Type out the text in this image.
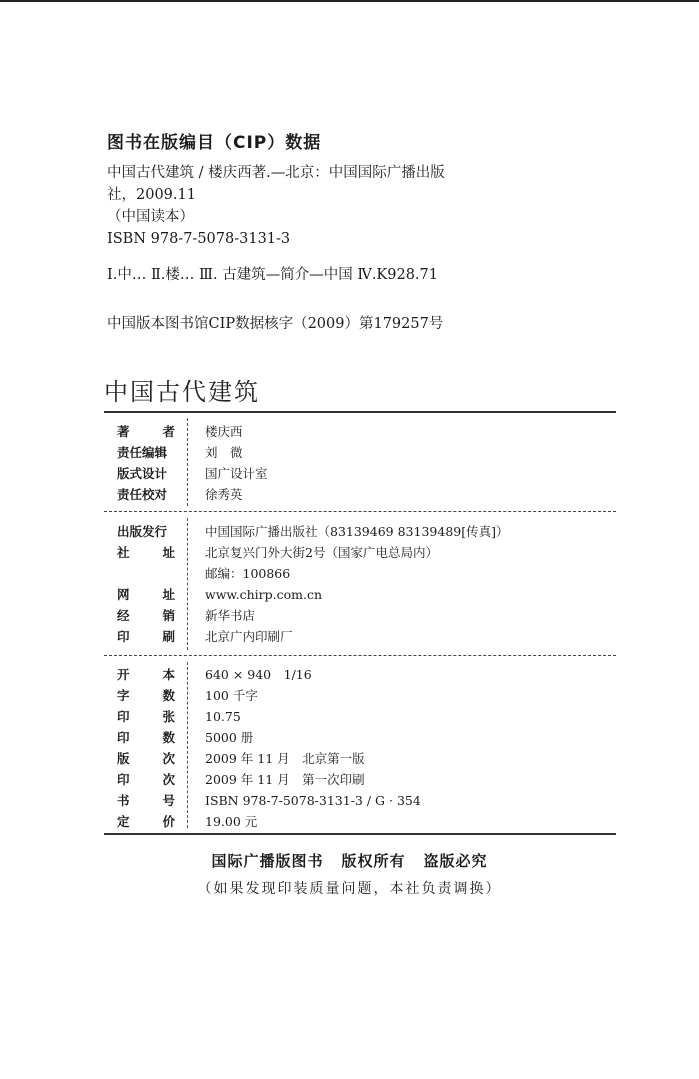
图书在版编目（CIP）数据
中国古代建筑 / 楼庆西著.—北京：中国国际广播出版
社，2009.11
（中国读本）
ISBN 978-7-5078-3131-3
Ⅰ.中… Ⅱ.楼… Ⅲ. 古建筑—简介—中国 Ⅳ.K928.71
中国版本图书馆CIP数据核字（2009）第179257号
中国古代建筑
著	者 楼庆西
责任编辑	刘　微
版式设计	国广设计室
责任校对	徐秀英
出版发行	中国国际广播出版社（83139469 83139489[传真]）
社	址 北京复兴门外大街2号（国家广电总局内）
邮编：100866
网	址 www.chirp.com.cn
经	销 新华书店
印	刷 北京广内印刷厂
开	本 640 × 940　1/16
字	数 100 千字
印	张 10.75
印	数 5000 册
版	次 2009 年 11 月　北京第一版
印	次 2009 年 11 月　第一次印刷
书	号 ISBN 978-7-5078-3131-3 / G · 354
定	价 19.00 元
国际广播版图书 版权所有 盗版必究
（如果发现印装质量问题，本社负责调换）
